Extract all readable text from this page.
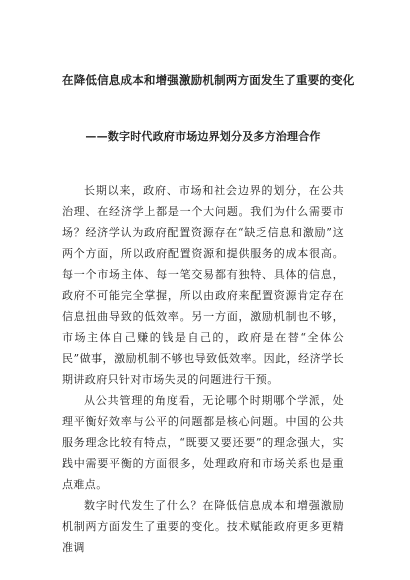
在降低信息成本和增强激励机制两方面发生了重要的变化
——数字时代政府市场边界划分及多方治理合作

长期以来，政府、市场和社会边界的划分，在公共治理、在经济学上都是一个大问题。我们为什么需要市场？经济学认为政府配置资源存在“缺乏信息和激励”这两个方面，所以政府配置资源和提供服务的成本很高。每一个市场主体、每一笔交易都有独特、具体的信息，政府不可能完全掌握，所以由政府来配置资源肯定存在信息扭曲导致的低效率。另一方面，激励机制也不够，市场主体自己赚的钱是自己的，政府是在替“全体公民”做事，激励机制不够也导致低效率。因此，经济学长期讲政府只针对市场失灵的问题进行干预。

从公共管理的角度看，无论哪个时期哪个学派，处理平衡好效率与公平的问题都是核心问题。中国的公共服务理念比较有特点，“既要又要还要”的理念强大，实践中需要平衡的方面很多，处理政府和市场关系也是重点难点。

数字时代发生了什么？在降低信息成本和增强激励机制两方面发生了重要的变化。技术赋能政府更多更精准调
